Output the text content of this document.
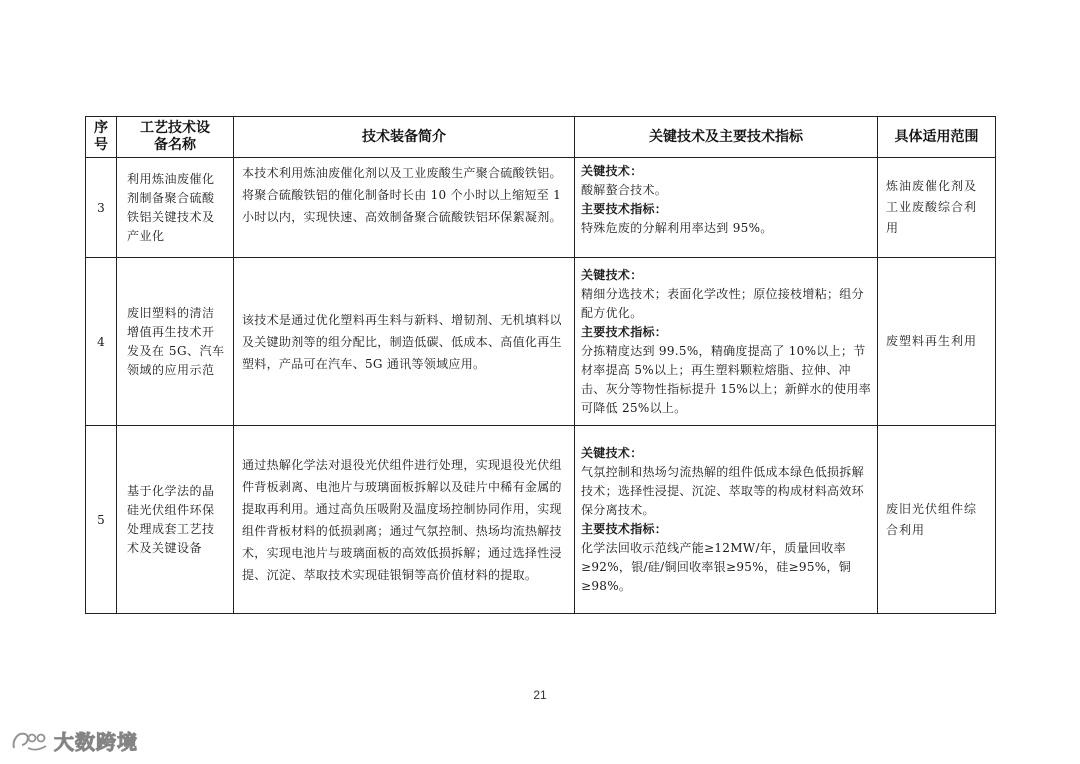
序号	工艺技术设备名称	技术装备简介	关键技术及主要技术指标	具体适用范围
3	利用炼油废催化剂制备聚合硫酸铁铝关键技术及产业化	本技术利用炼油废催化剂以及工业废酸生产聚合硫酸铁铝。将聚合硫酸铁铝的催化制备时长由 10 个小时以上缩短至 1 小时以内，实现快速、高效制备聚合硫酸铁铝环保絮凝剂。	关键技术：
酸解螯合技术。
主要技术指标：
特殊危废的分解利用率达到 95%。	炼油废催化剂及工业废酸综合利用
4	废旧塑料的清洁增值再生技术开发及在 5G、汽车领域的应用示范	该技术是通过优化塑料再生料与新料、增韧剂、无机填料以及关键助剂等的组分配比，制造低碳、低成本、高值化再生塑料，产品可在汽车、5G 通讯等领域应用。	关键技术：
精细分选技术；表面化学改性；原位接枝增粘；组分配方优化。
主要技术指标：
分拣精度达到 99.5%，精确度提高了 10%以上；节材率提高 5%以上；再生塑料颗粒熔脂、拉伸、冲击、灰分等物性指标提升 15%以上；新鲜水的使用率可降低 25%以上。	废塑料再生利用
5	基于化学法的晶硅光伏组件环保处理成套工艺技术及关键设备	通过热解化学法对退役光伏组件进行处理，实现退役光伏组件背板剥离、电池片与玻璃面板拆解以及硅片中稀有金属的提取再利用。通过高负压吸附及温度场控制协同作用，实现组件背板材料的低损剥离；通过气氛控制、热场均流热解技术，实现电池片与玻璃面板的高效低损拆解；通过选择性浸提、沉淀、萃取技术实现硅银铜等高价值材料的提取。	关键技术：
气氛控制和热场匀流热解的组件低成本绿色低损拆解技术；选择性浸提、沉淀、萃取等的构成材料高效环保分离技术。
主要技术指标：
化学法回收示范线产能≥12MW/年，质量回收率≥92%，银/硅/铜回收率银≥95%，硅≥95%，铜≥98%。	废旧光伏组件综合利用
21
大数跨境
